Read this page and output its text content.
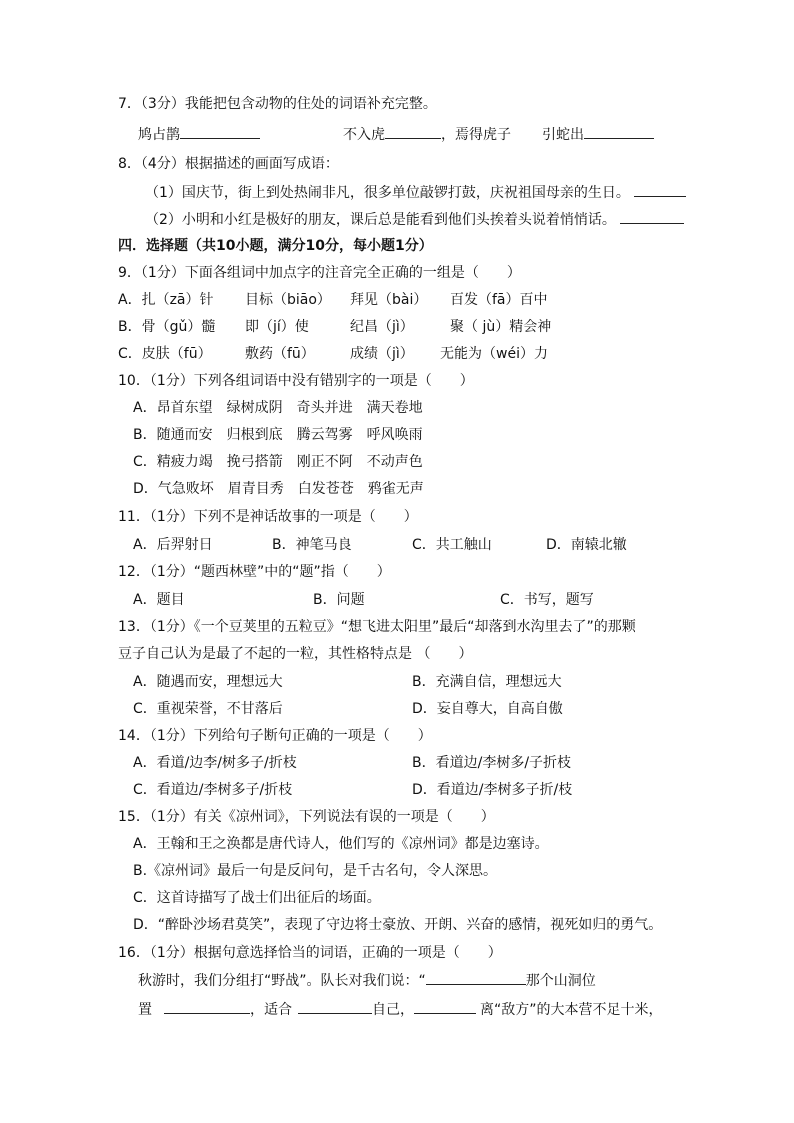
7．（3分）我能把包含动物的住处的词语补充完整。
鸠占鹊	不入虎	，焉得虎子 引蛇出
8．（4分）根据描述的画面写成语：
（1）国庆节，街上到处热闹非凡，很多单位敲锣打鼓，庆祝祖国母亲的生日。
（2）小明和小红是极好的朋友，课后总是能看到他们头挨着头说着悄悄话。
四．选择题（共10小题，满分10分，每小题1分）
9．（1分）下面各组词中加点字的注音完全正确的一组是（　　）
A．扎（zā）针 目标（biāo） 拜见（bài） 百发（fā）百中
B．骨（gǔ）髓 即（jí）使	纪昌（jì）	聚（ jù）精会神
C．皮肤（fū） 敷药（fū）	成绩（jì） 无能为（wéi）力
10．（1分）下列各组词语中没有错别字的一项是（　　）
A．昂首东望 绿树成阴 奇头并进 满天卷地
B．随通而安 归根到底 腾云驾雾 呼风唤雨
C．精疲力竭 挽弓搭箭 刚正不阿 不动声色
D．气急败坏 眉青目秀 白发苍苍 鸦雀无声
11．（1分）下列不是神话故事的一项是（　　）
A．后羿射日	B．神笔马良	C．共工触山	D．南辕北辙
12．（1分）“题西林壁”中的“题”指（　　）
A．题目	B．问题	C．书写，题写
13．（1分）《一个豆荚里的五粒豆》“想飞进太阳里”最后“却落到水沟里去了”的那颗
豆子自己认为是最了不起的一粒，其性格特点是 （　　）
A．随遇而安，理想远大	B．充满自信，理想远大
C．重视荣誉，不甘落后	D．妄自尊大，自高自傲
14．（1分）下列给句子断句正确的一项是（　　）
A．看道/边李/树多子/折枝	B．看道边/李树多/子折枝
C．看道边/李树多子/折枝	D．看道边/李树多子折/枝
15．（1分）有关《凉州词》，下列说法有误的一项是（　　）
A．王翰和王之涣都是唐代诗人，他们写的《凉州词》都是边塞诗。
B.《凉州词》最后一句是反问句，是千古名句，令人深思。
C．这首诗描写了战士们出征后的场面。
D．“醉卧沙场君莫笑”，表现了守边将士豪放、开朗、兴奋的感情，视死如归的勇气。
16．（1分）根据句意选择恰当的词语，正确的一项是（　　）
秋游时，我们分组打“野战”。队长对我们说：“	那个山洞位
置	，适合	自己，	离“敌方”的大本营不足十米，
